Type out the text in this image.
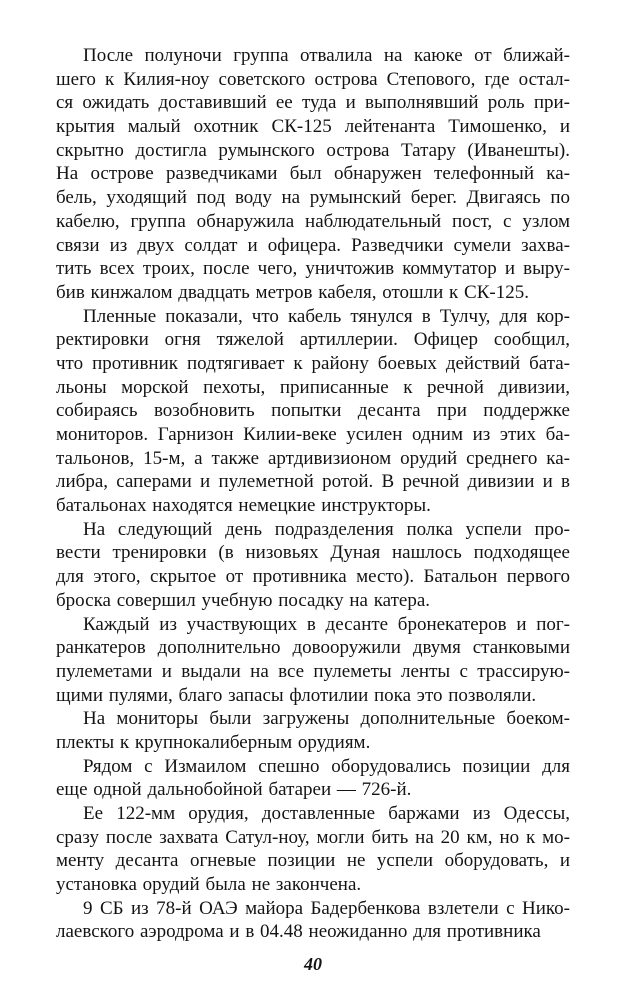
После полуночи группа отвалила на каюке от ближай-
шего к Килия-ноу советского острова Степового, где остал-
ся ожидать доставивший ее туда и выполнявший роль при-
крытия малый охотник СК-125 лейтенанта Тимошенко, и
скрытно достигла румынского острова Татару (Иванешты).
На острове разведчиками был обнаружен телефонный ка-
бель, уходящий под воду на румынский берег. Двигаясь по
кабелю, группа обнаружила наблюдательный пост, с узлом
связи из двух солдат и офицера. Разведчики сумели захва-
тить всех троих, после чего, уничтожив коммутатор и выру-
бив кинжалом двадцать метров кабеля, отошли к СК-125.
Пленные показали, что кабель тянулся в Тулчу, для кор-
ректировки огня тяжелой артиллерии. Офицер сообщил,
что противник подтягивает к району боевых действий бата-
льоны морской пехоты, приписанные к речной дивизии,
собираясь возобновить попытки десанта при поддержке
мониторов. Гарнизон Килии-веке усилен одним из этих ба-
тальонов, 15-м, а также артдивизионом орудий среднего ка-
либра, саперами и пулеметной ротой. В речной дивизии и в
батальонах находятся немецкие инструкторы.
На следующий день подразделения полка успели про-
вести тренировки (в низовьях Дуная нашлось подходящее
для этого, скрытое от противника место). Батальон первого
броска совершил учебную посадку на катера.
Каждый из участвующих в десанте бронекатеров и пог-
ранкатеров дополнительно довооружили двумя станковыми
пулеметами и выдали на все пулеметы ленты с трассирую-
щими пулями, благо запасы флотилии пока это позволяли.
На мониторы были загружены дополнительные боеком-
плекты к крупнокалиберным орудиям.
Рядом с Измаилом спешно оборудовались позиции для
еще одной дальнобойной батареи — 726-й.
Ее 122-мм орудия, доставленные баржами из Одессы,
сразу после захвата Сатул-ноу, могли бить на 20 км, но к мо-
менту десанта огневые позиции не успели оборудовать, и
установка орудий была не закончена.
9 СБ из 78-й ОАЭ майора Бадербенкова взлетели с Нико-
лаевского аэродрома и в 04.48 неожиданно для противника
40
